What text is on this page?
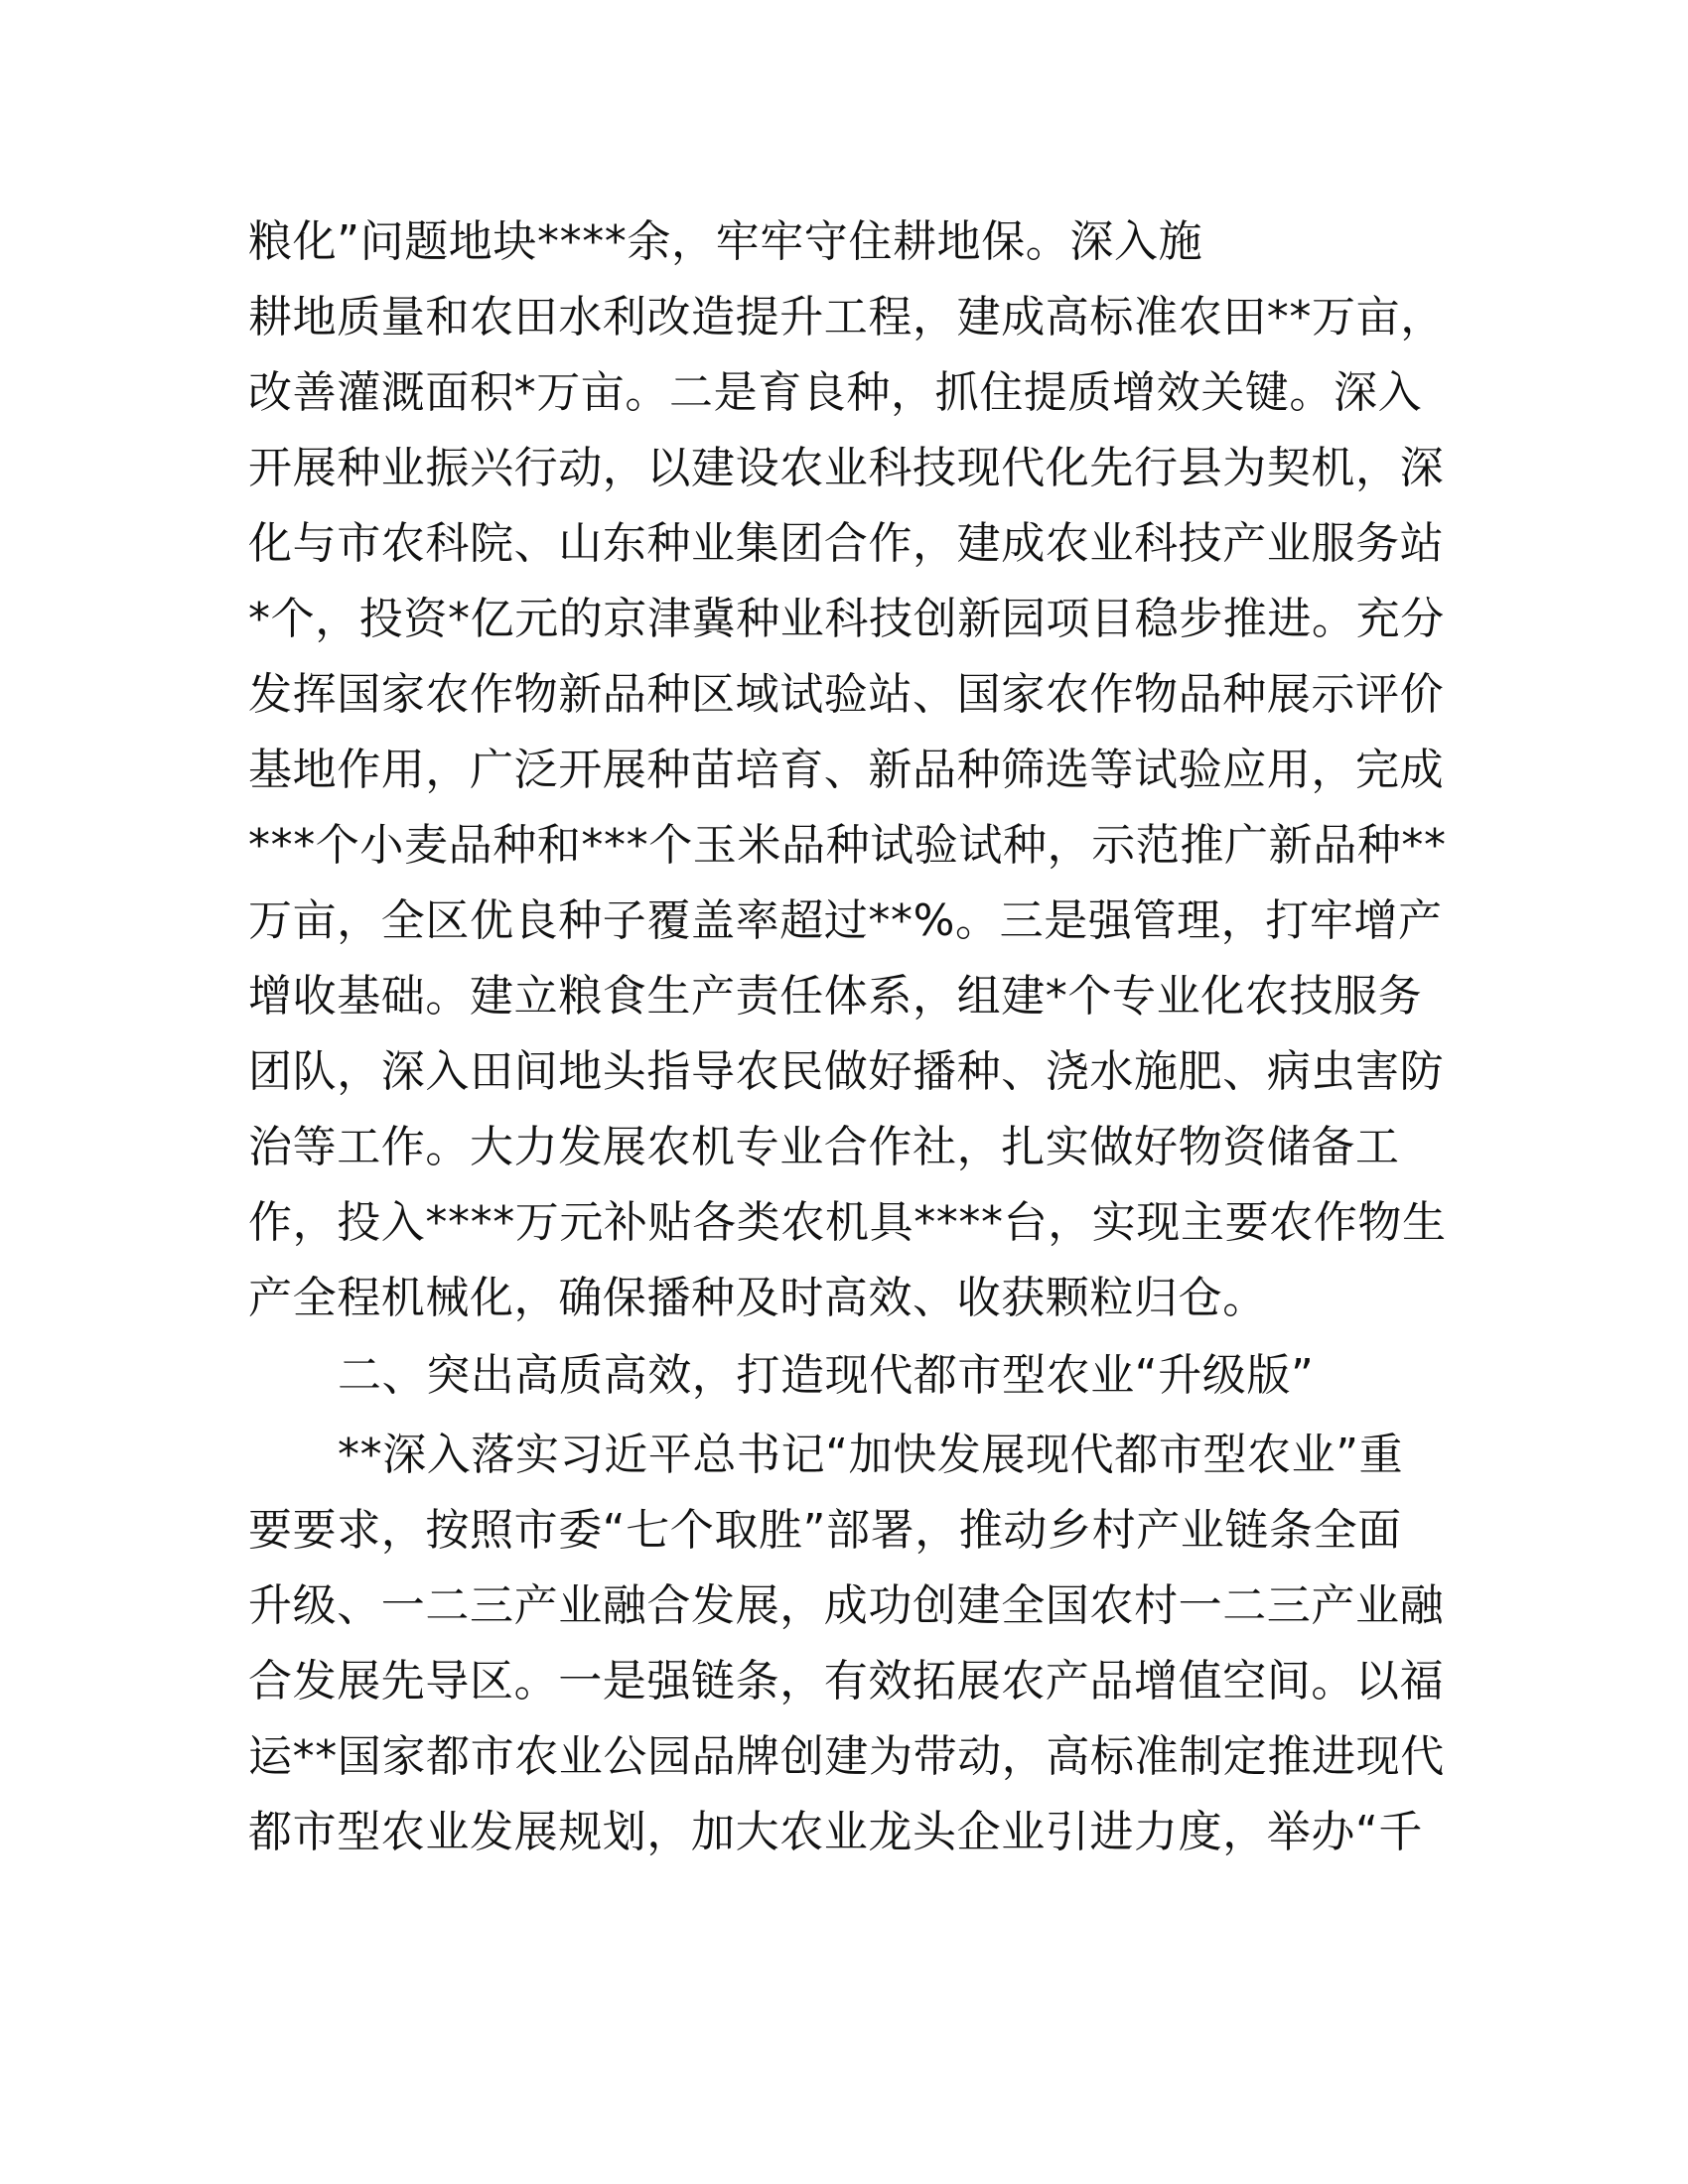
粮化”问题地块****余，牢牢守住耕地保。深入施
耕地质量和农田水利改造提升工程，建成高标准农田**万亩，
改善灌溉面积*万亩。二是育良种，抓住提质增效关键。深入
开展种业振兴行动，以建设农业科技现代化先行县为契机，深
化与市农科院、山东种业集团合作，建成农业科技产业服务站
*个，投资*亿元的京津冀种业科技创新园项目稳步推进。充分
发挥国家农作物新品种区域试验站、国家农作物品种展示评价
基地作用，广泛开展种苗培育、新品种筛选等试验应用，完成
***个小麦品种和***个玉米品种试验试种，示范推广新品种**
万亩，全区优良种子覆盖率超过**%。三是强管理，打牢增产
增收基础。建立粮食生产责任体系，组建*个专业化农技服务
团队，深入田间地头指导农民做好播种、浇水施肥、病虫害防
治等工作。大力发展农机专业合作社，扎实做好物资储备工
作，投入****万元补贴各类农机具****台，实现主要农作物生
产全程机械化，确保播种及时高效、收获颗粒归仓。
二、突出高质高效，打造现代都市型农业“升级版”
**深入落实习近平总书记“加快发展现代都市型农业”重
要要求，按照市委“七个取胜”部署，推动乡村产业链条全面
升级、一二三产业融合发展，成功创建全国农村一二三产业融
合发展先导区。一是强链条，有效拓展农产品增值空间。以福
运**国家都市农业公园品牌创建为带动，高标准制定推进现代
都市型农业发展规划，加大农业龙头企业引进力度，举办“千
